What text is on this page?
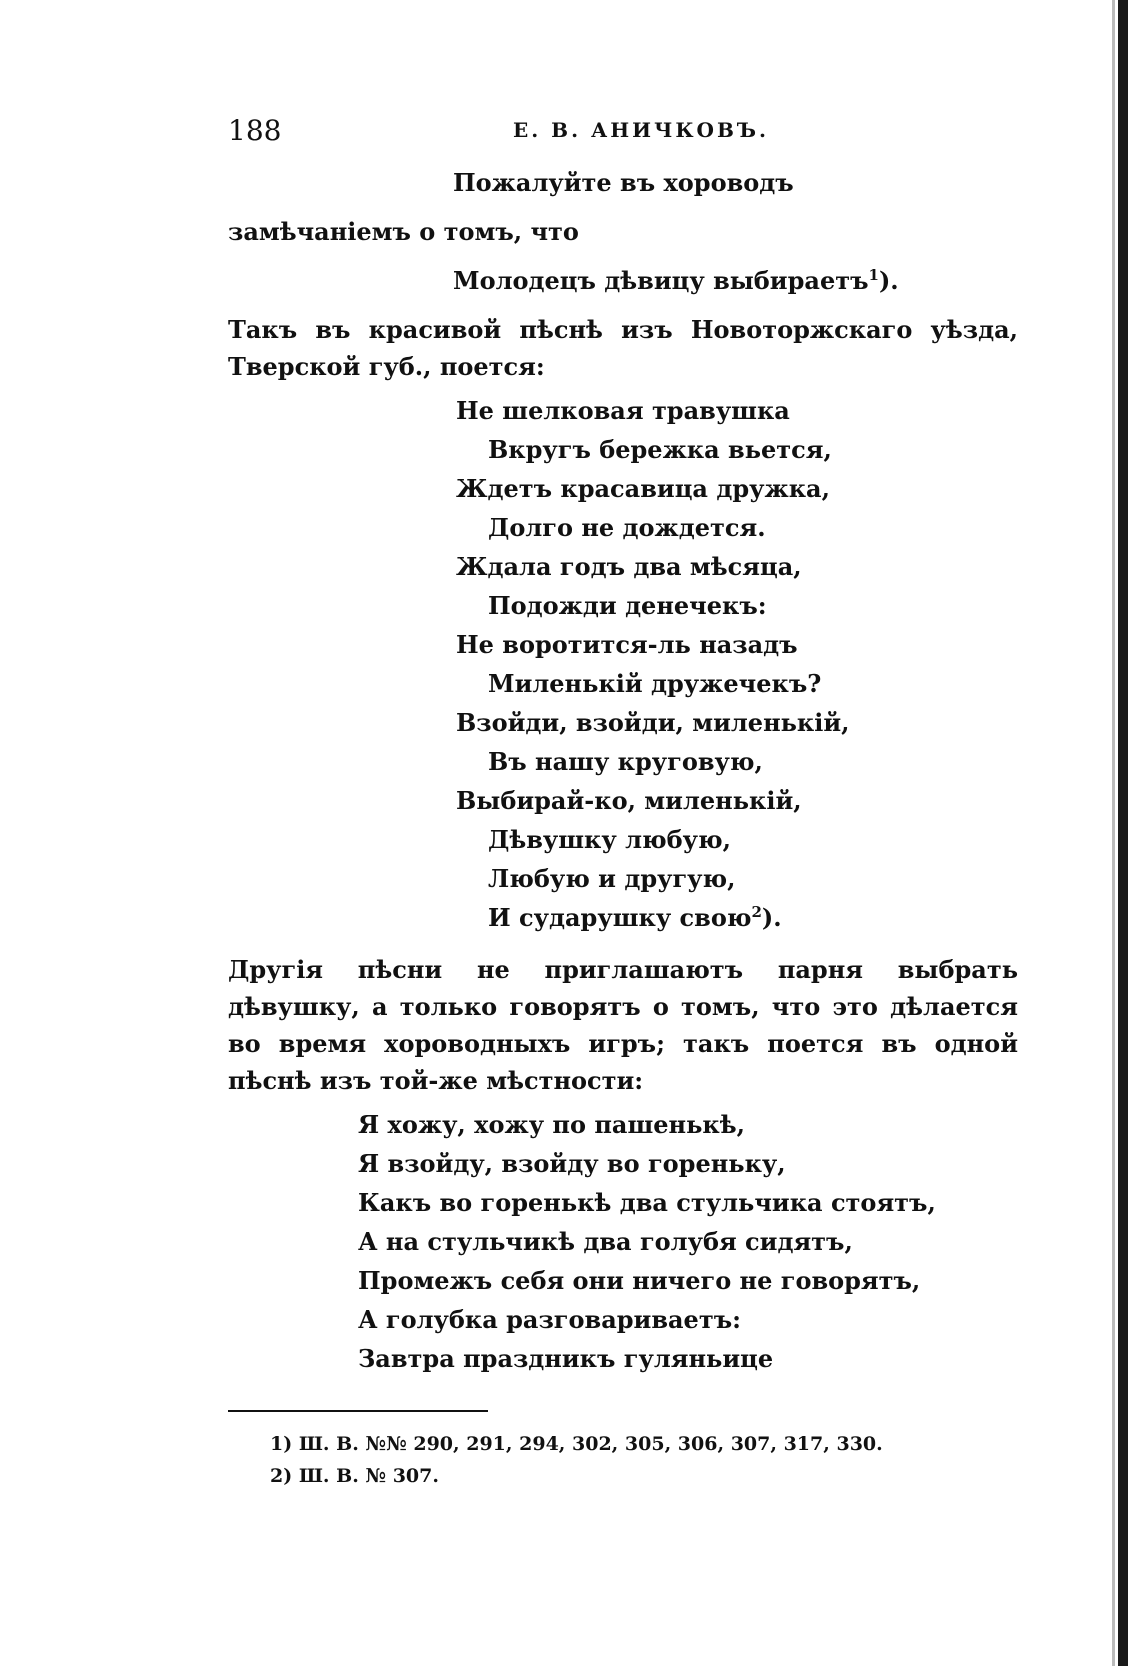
188	Е. В. АНИЧКОВЪ.
Пожалуйте въ хороводъ
замѣчаніемъ о томъ, что
Молодецъ дѣвицу выбираетъ$^1$).
Такъ въ красивой пѣснѣ изъ Новоторжскаго уѣзда, Тверской губ., поется:
Не шелковая травушка
Вкругъ бережка вьется,
Ждетъ красавица дружка,
Долго не дождется.
Ждала годъ два мѣсяца,
Подожди денечекъ:
Не воротится-ль назадъ
Миленькій дружечекъ?
Взойди, взойди, миленькій,
Въ нашу круговую,
Выбирай-ко, миленькій,
Дѣвушку любую,
Любую и другую,
И сударушку свою$^2$).
Другія пѣсни не приглашаютъ парня выбрать дѣвушку, а только говорятъ о томъ, что это дѣлается во время хороводныхъ игръ; такъ поется въ одной пѣснѣ изъ той-же мѣстности:
Я хожу, хожу по пашенькѣ,
Я взойду, взойду во гореньку,
Какъ во горенькѣ два стульчика стоятъ,
А на стульчикѣ два голубя сидятъ,
Промежъ себя они ничего не говорятъ,
А голубка разговариваетъ:
Завтра праздникъ гуляньице
1) Ш. В. №№ 290, 291, 294, 302, 305, 306, 307, 317, 330.
2) Ш. В. № 307.
